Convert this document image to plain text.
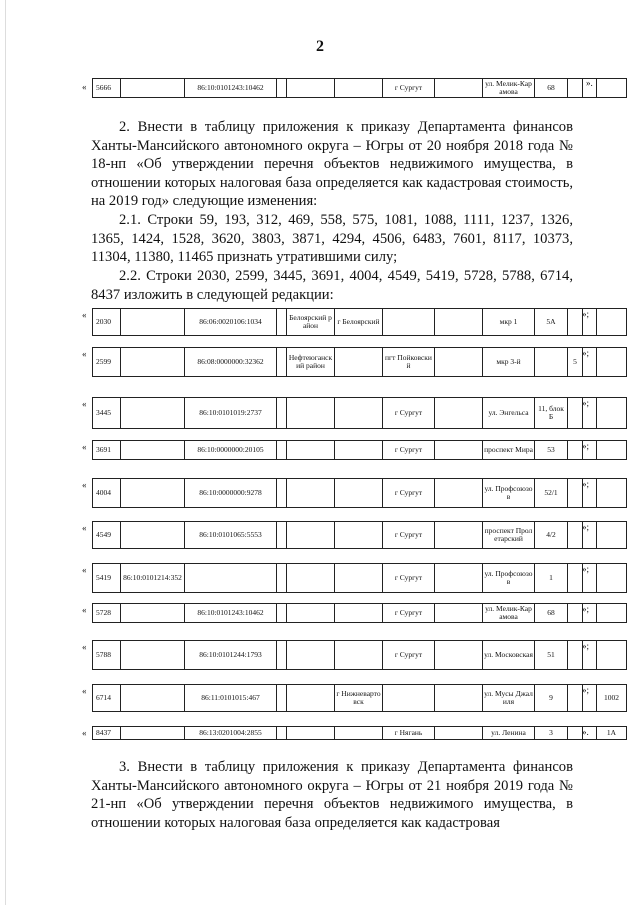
2
« 5666		86:10:0101243:10462				г Сургут		ул. Мелик-Карамова	68				».

2. Внести в таблицу приложения к приказу Департамента финансов Ханты-Мансийского автономного округа – Югры от 20 ноября 2018 года № 18-нп «Об утверждении перечня объектов недвижимого имущества, в отношении которых налоговая база определяется как кадастровая стоимость, на 2019 год» следующие изменения:

2.1. Строки 59, 193, 312, 469, 558, 575, 1081, 1088, 1111, 1237, 1326, 1365, 1424, 1528, 3620, 3803, 3871, 4294, 4506, 6483, 7601, 8117, 10373, 11304, 11380, 11465 признать утратившими силу;

2.2. Строки 2030, 2599, 3445, 3691, 4004, 4549, 5419, 5728, 5788, 6714, 8437 изложить в следующей редакции:

«
2030		86:06:0020106:1034		Белоярский район	г Белоярский			мкр 1	5А			
»;
«
2599		86:08:0000000:32362		Нефтеюганский район		пгт Пойковский		мкр 3-й		5		
»;
«
3445		86:10:0101019:2737				г Сургут		ул. Энгельса	11, блок Б			
»;
« 3691		86:10:0000000:20105				г Сургут		проспект Мира	53				»;
«
4004		86:10:0000000:9278				г Сургут		ул. Профсоюзов	52/1			
»;
«
4549		86:10:0101065:5553				г Сургут		проспект Пролетарский	4/2			
»;
«
5419	86:10:0101214:352					г Сургут		ул. Профсоюзов	1			
»;
« 5728		86:10:0101243:10462				г Сургут		ул. Мелик-Карамова	68				»;
«
5788		86:10:0101244:1793				г Сургут		ул. Московская	51			
»;
«
6714		86:11:0101015:467			г Нижневартовск			ул. Мусы Джалиля	9			1002
»;
« 8437		86:13:0201004:2855				г Нягань		ул. Ленина	3			1А
».

3. Внести в таблицу приложения к приказу Департамента финансов Ханты-Мансийского автономного округа – Югры от 21 ноября 2019 года № 21-нп «Об утверждении перечня объектов недвижимого имущества, в отношении которых налоговая база определяется как кадастровая
